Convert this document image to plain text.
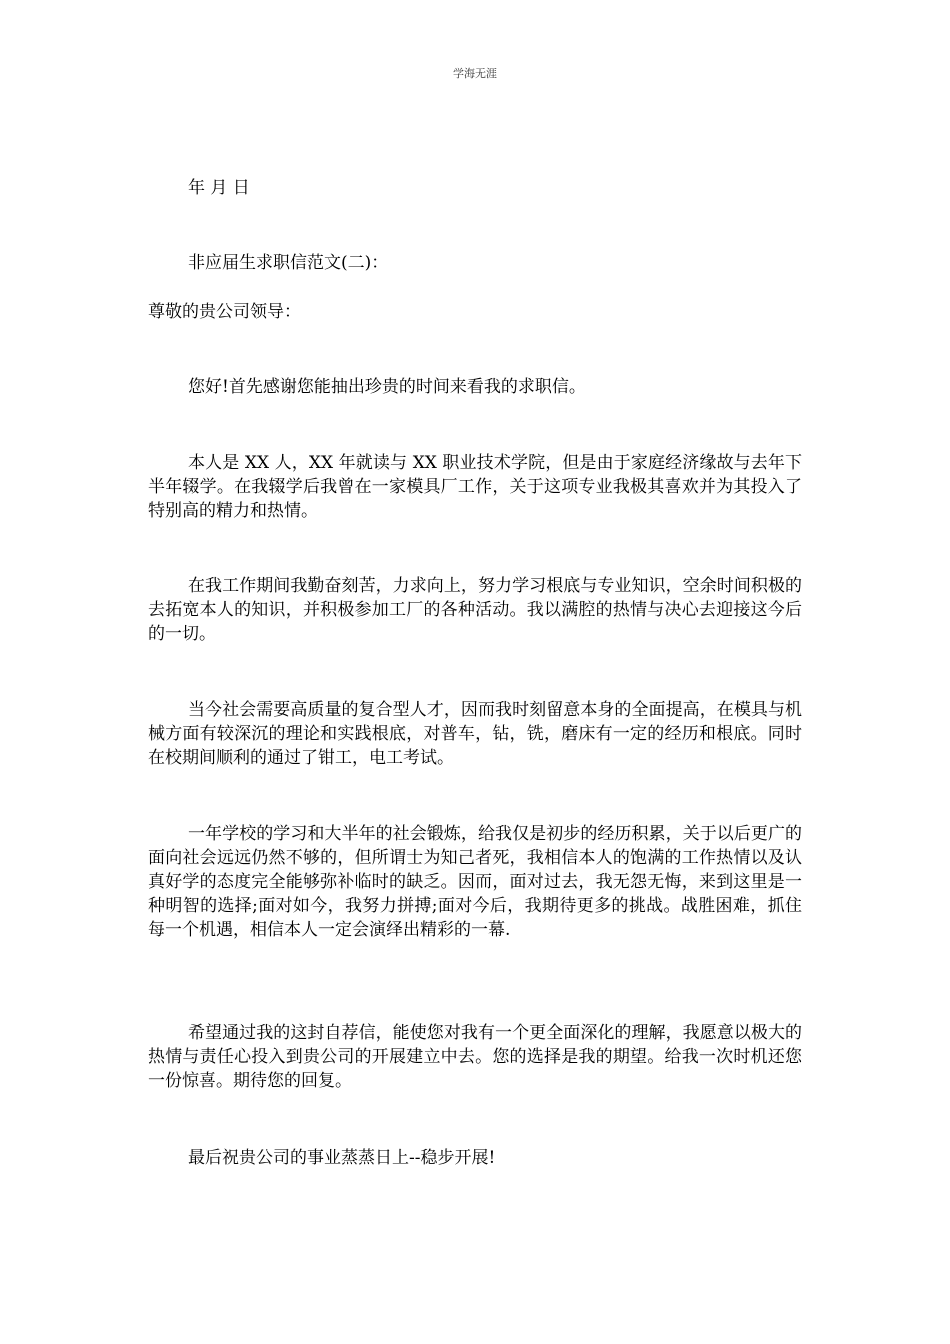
学海无涯

年 月 日

非应届生求职信范文(二)：

尊敬的贵公司领导：

您好!首先感谢您能抽出珍贵的时间来看我的求职信。

本人是 XX 人，XX 年就读与 XX 职业技术学院，但是由于家庭经济缘故与去年下半年辍学。在我辍学后我曾在一家模具厂工作，关于这项专业我极其喜欢并为其投入了特别高的精力和热情。

在我工作期间我勤奋刻苦，力求向上，努力学习根底与专业知识，空余时间积极的去拓宽本人的知识，并积极参加工厂的各种活动。我以满腔的热情与决心去迎接这今后的一切。

当今社会需要高质量的复合型人才，因而我时刻留意本身的全面提高，在模具与机械方面有较深沉的理论和实践根底，对普车，钻，铣，磨床有一定的经历和根底。同时在校期间顺利的通过了钳工，电工考试。

一年学校的学习和大半年的社会锻炼，给我仅是初步的经历积累，关于以后更广的面向社会远远仍然不够的，但所谓士为知己者死，我相信本人的饱满的工作热情以及认真好学的态度完全能够弥补临时的缺乏。因而，面对过去，我无怨无悔，来到这里是一种明智的选择;面对如今，我努力拼搏;面对今后，我期待更多的挑战。战胜困难，抓住每一个机遇，相信本人一定会演绎出精彩的一幕.

希望通过我的这封自荐信，能使您对我有一个更全面深化的理解，我愿意以极大的热情与责任心投入到贵公司的开展建立中去。您的选择是我的期望。给我一次时机还您一份惊喜。期待您的回复。

最后祝贵公司的事业蒸蒸日上--稳步开展!
